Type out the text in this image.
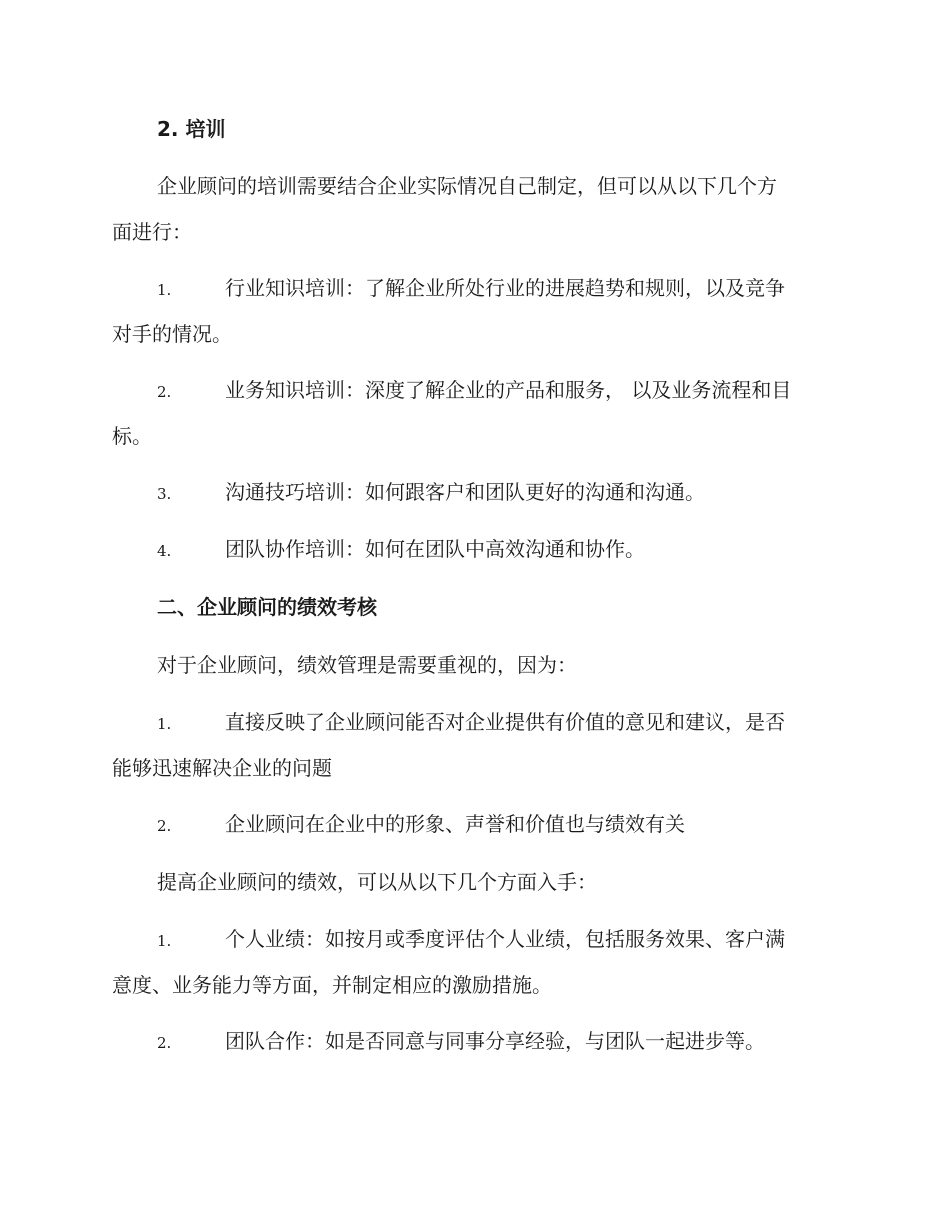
2. 培训
企业顾问的培训需要结合企业实际情况自己制定，但可以从以下几个方
面进行：
1.	行业知识培训：了解企业所处行业的进展趋势和规则，以及竞争
对手的情况。
2.	业务知识培训：深度了解企业的产品和服务， 以及业务流程和目
标。
3.	沟通技巧培训：如何跟客户和团队更好的沟通和沟通。
4.	团队协作培训：如何在团队中高效沟通和协作。
二、企业顾问的绩效考核
对于企业顾问，绩效管理是需要重视的，因为：
1.	直接反映了企业顾问能否对企业提供有价值的意见和建议，是否
能够迅速解决企业的问题
2.	企业顾问在企业中的形象、声誉和价值也与绩效有关
提高企业顾问的绩效，可以从以下几个方面入手：
1.	个人业绩：如按月或季度评估个人业绩，包括服务效果、客户满
意度、业务能力等方面，并制定相应的激励措施。
2.	团队合作：如是否同意与同事分享经验，与团队一起进步等。
